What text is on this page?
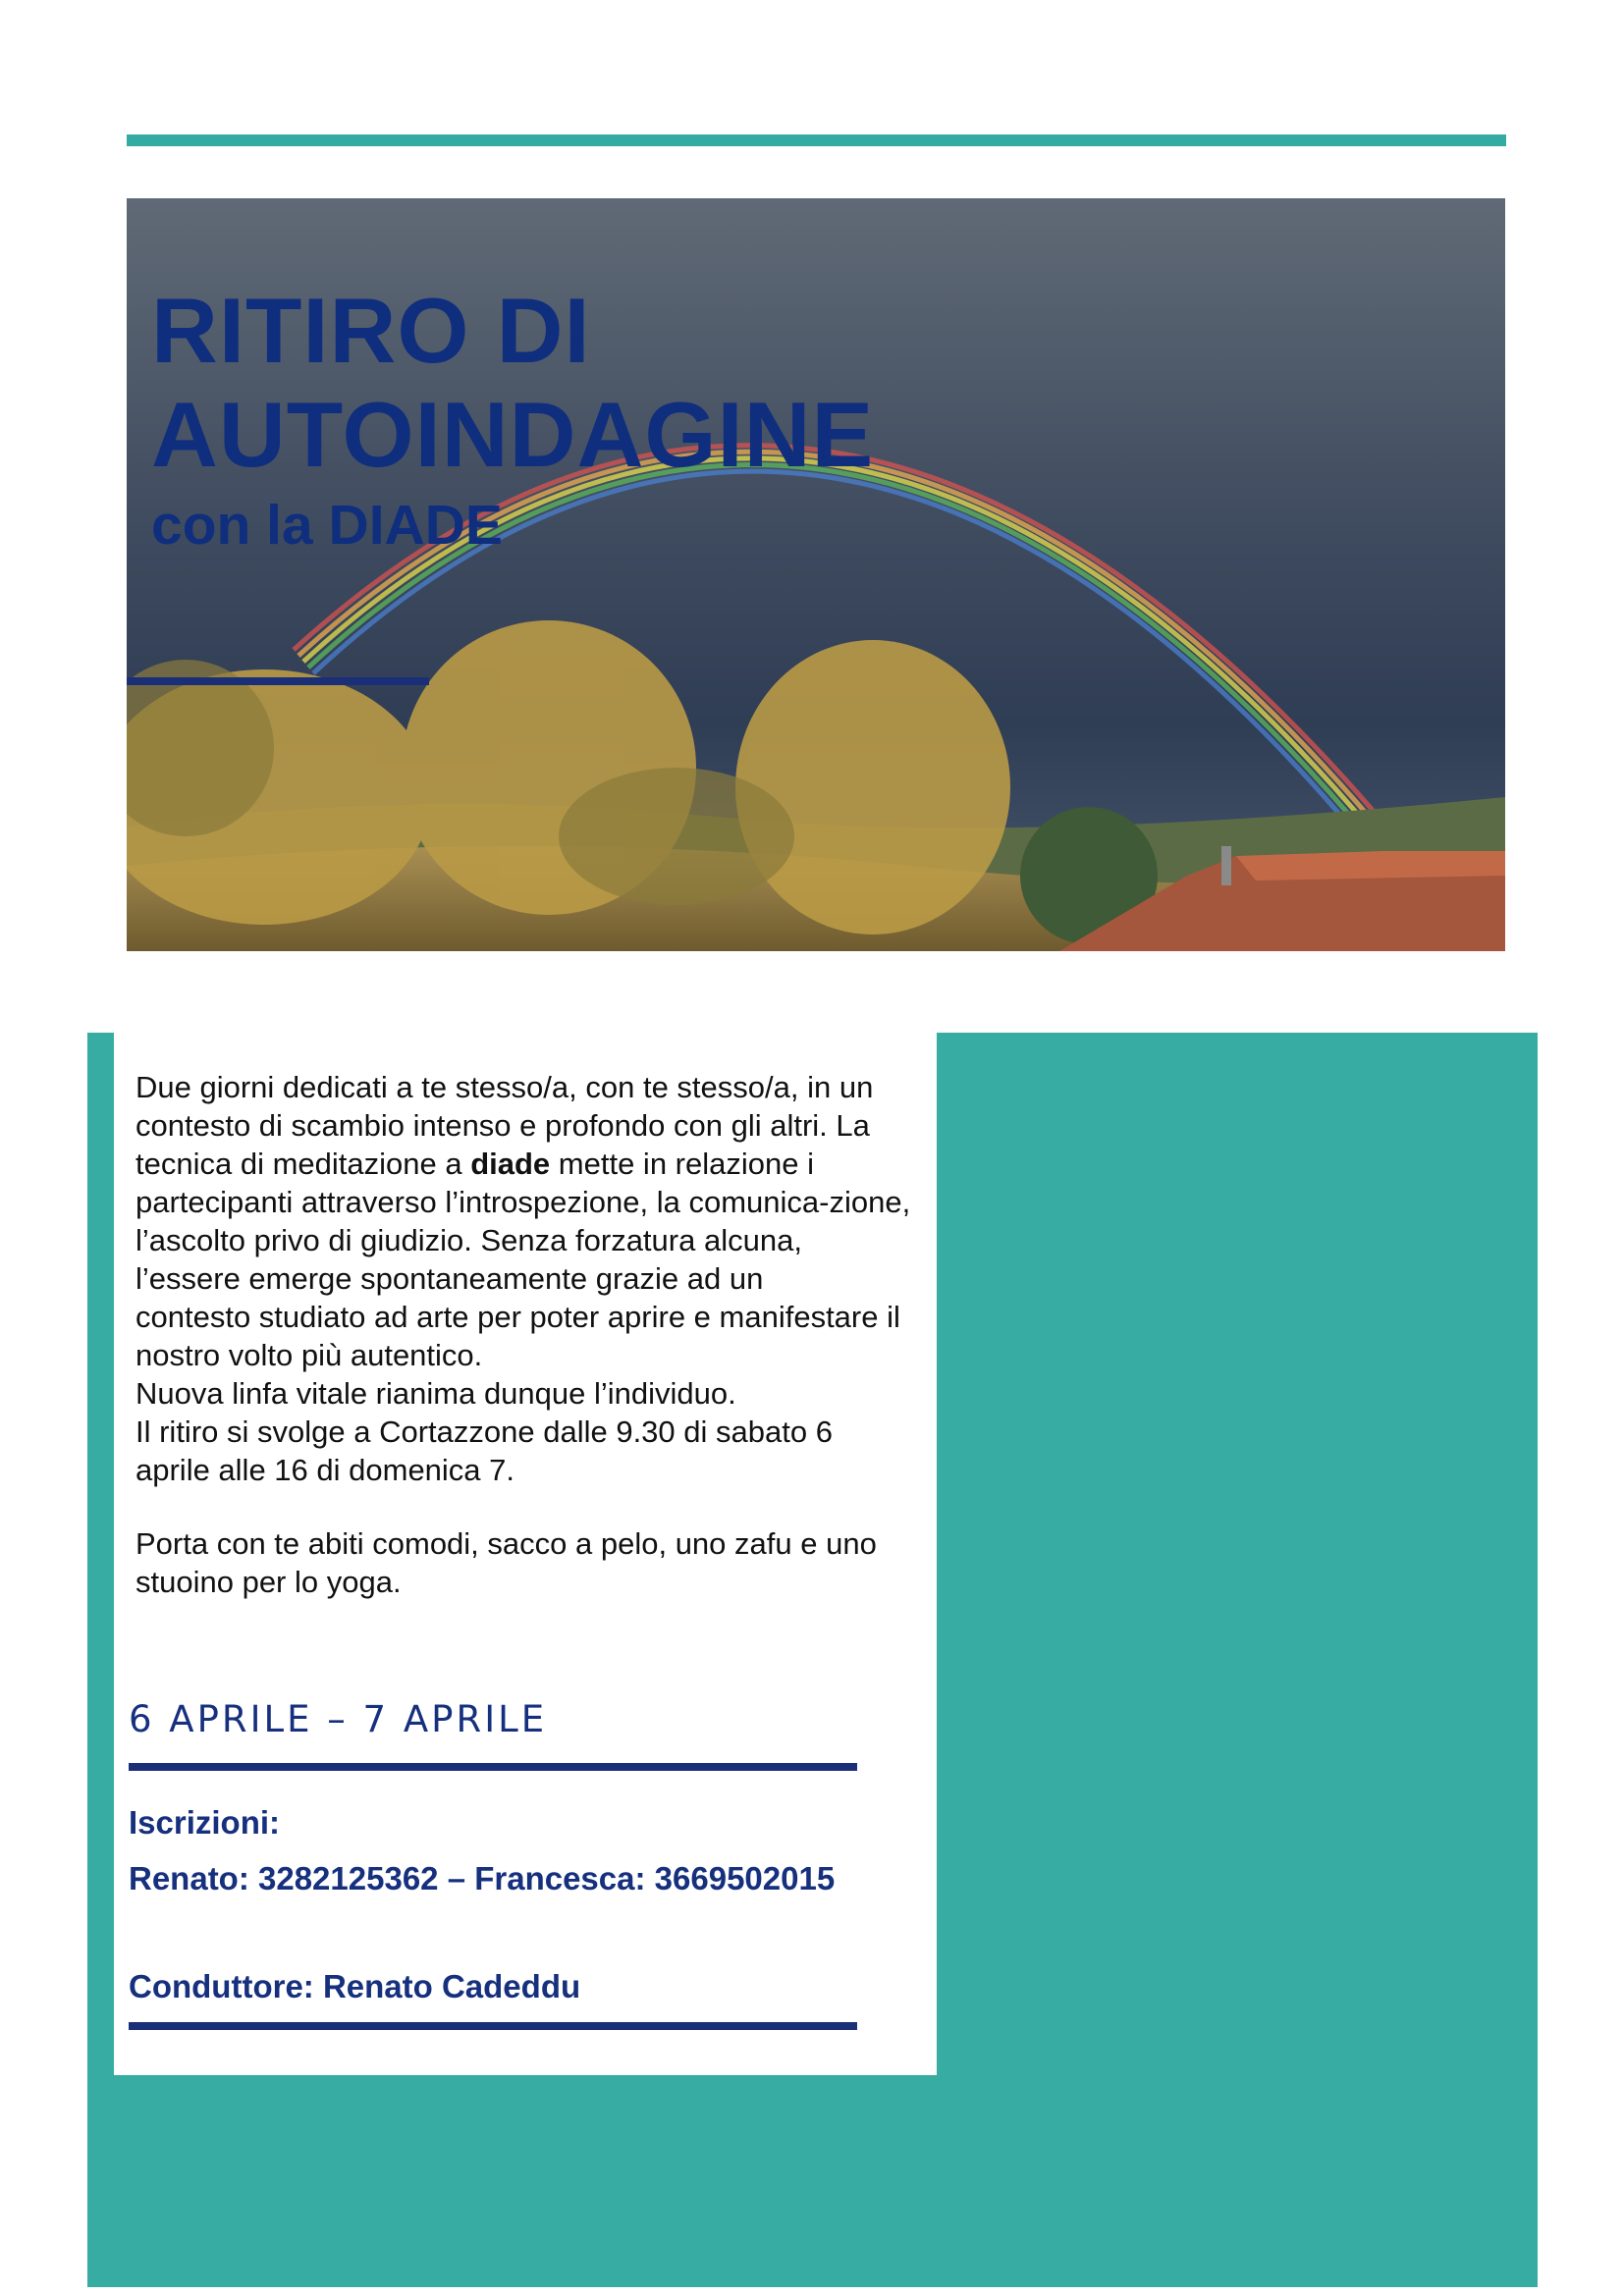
RITIRO DI
AUTOINDAGINE
con la DIADE

Due giorni dedicati a te stesso/a, con te stesso/a, in un contesto di scambio intenso e profondo con gli altri. La tecnica di meditazione a diade mette in relazione i partecipanti attraverso l’introspezione, la comunica-zione, l’ascolto privo di giudizio. Senza forzatura alcuna, l’essere emerge spontaneamente grazie ad un
contesto studiato ad arte per poter aprire e manifestare il nostro volto più autentico.
Nuova linfa vitale rianima dunque l’individuo.
Il ritiro si svolge a Cortazzone dalle 9.30 di sabato 6 aprile alle 16 di domenica 7.

Porta con te abiti comodi, sacco a pelo, uno zafu e uno stuoino per lo yoga.

6 APRILE – 7 APRILE

Iscrizioni:

Renato: 3282125362 – Francesca: 3669502015

Conduttore: Renato Cadeddu
